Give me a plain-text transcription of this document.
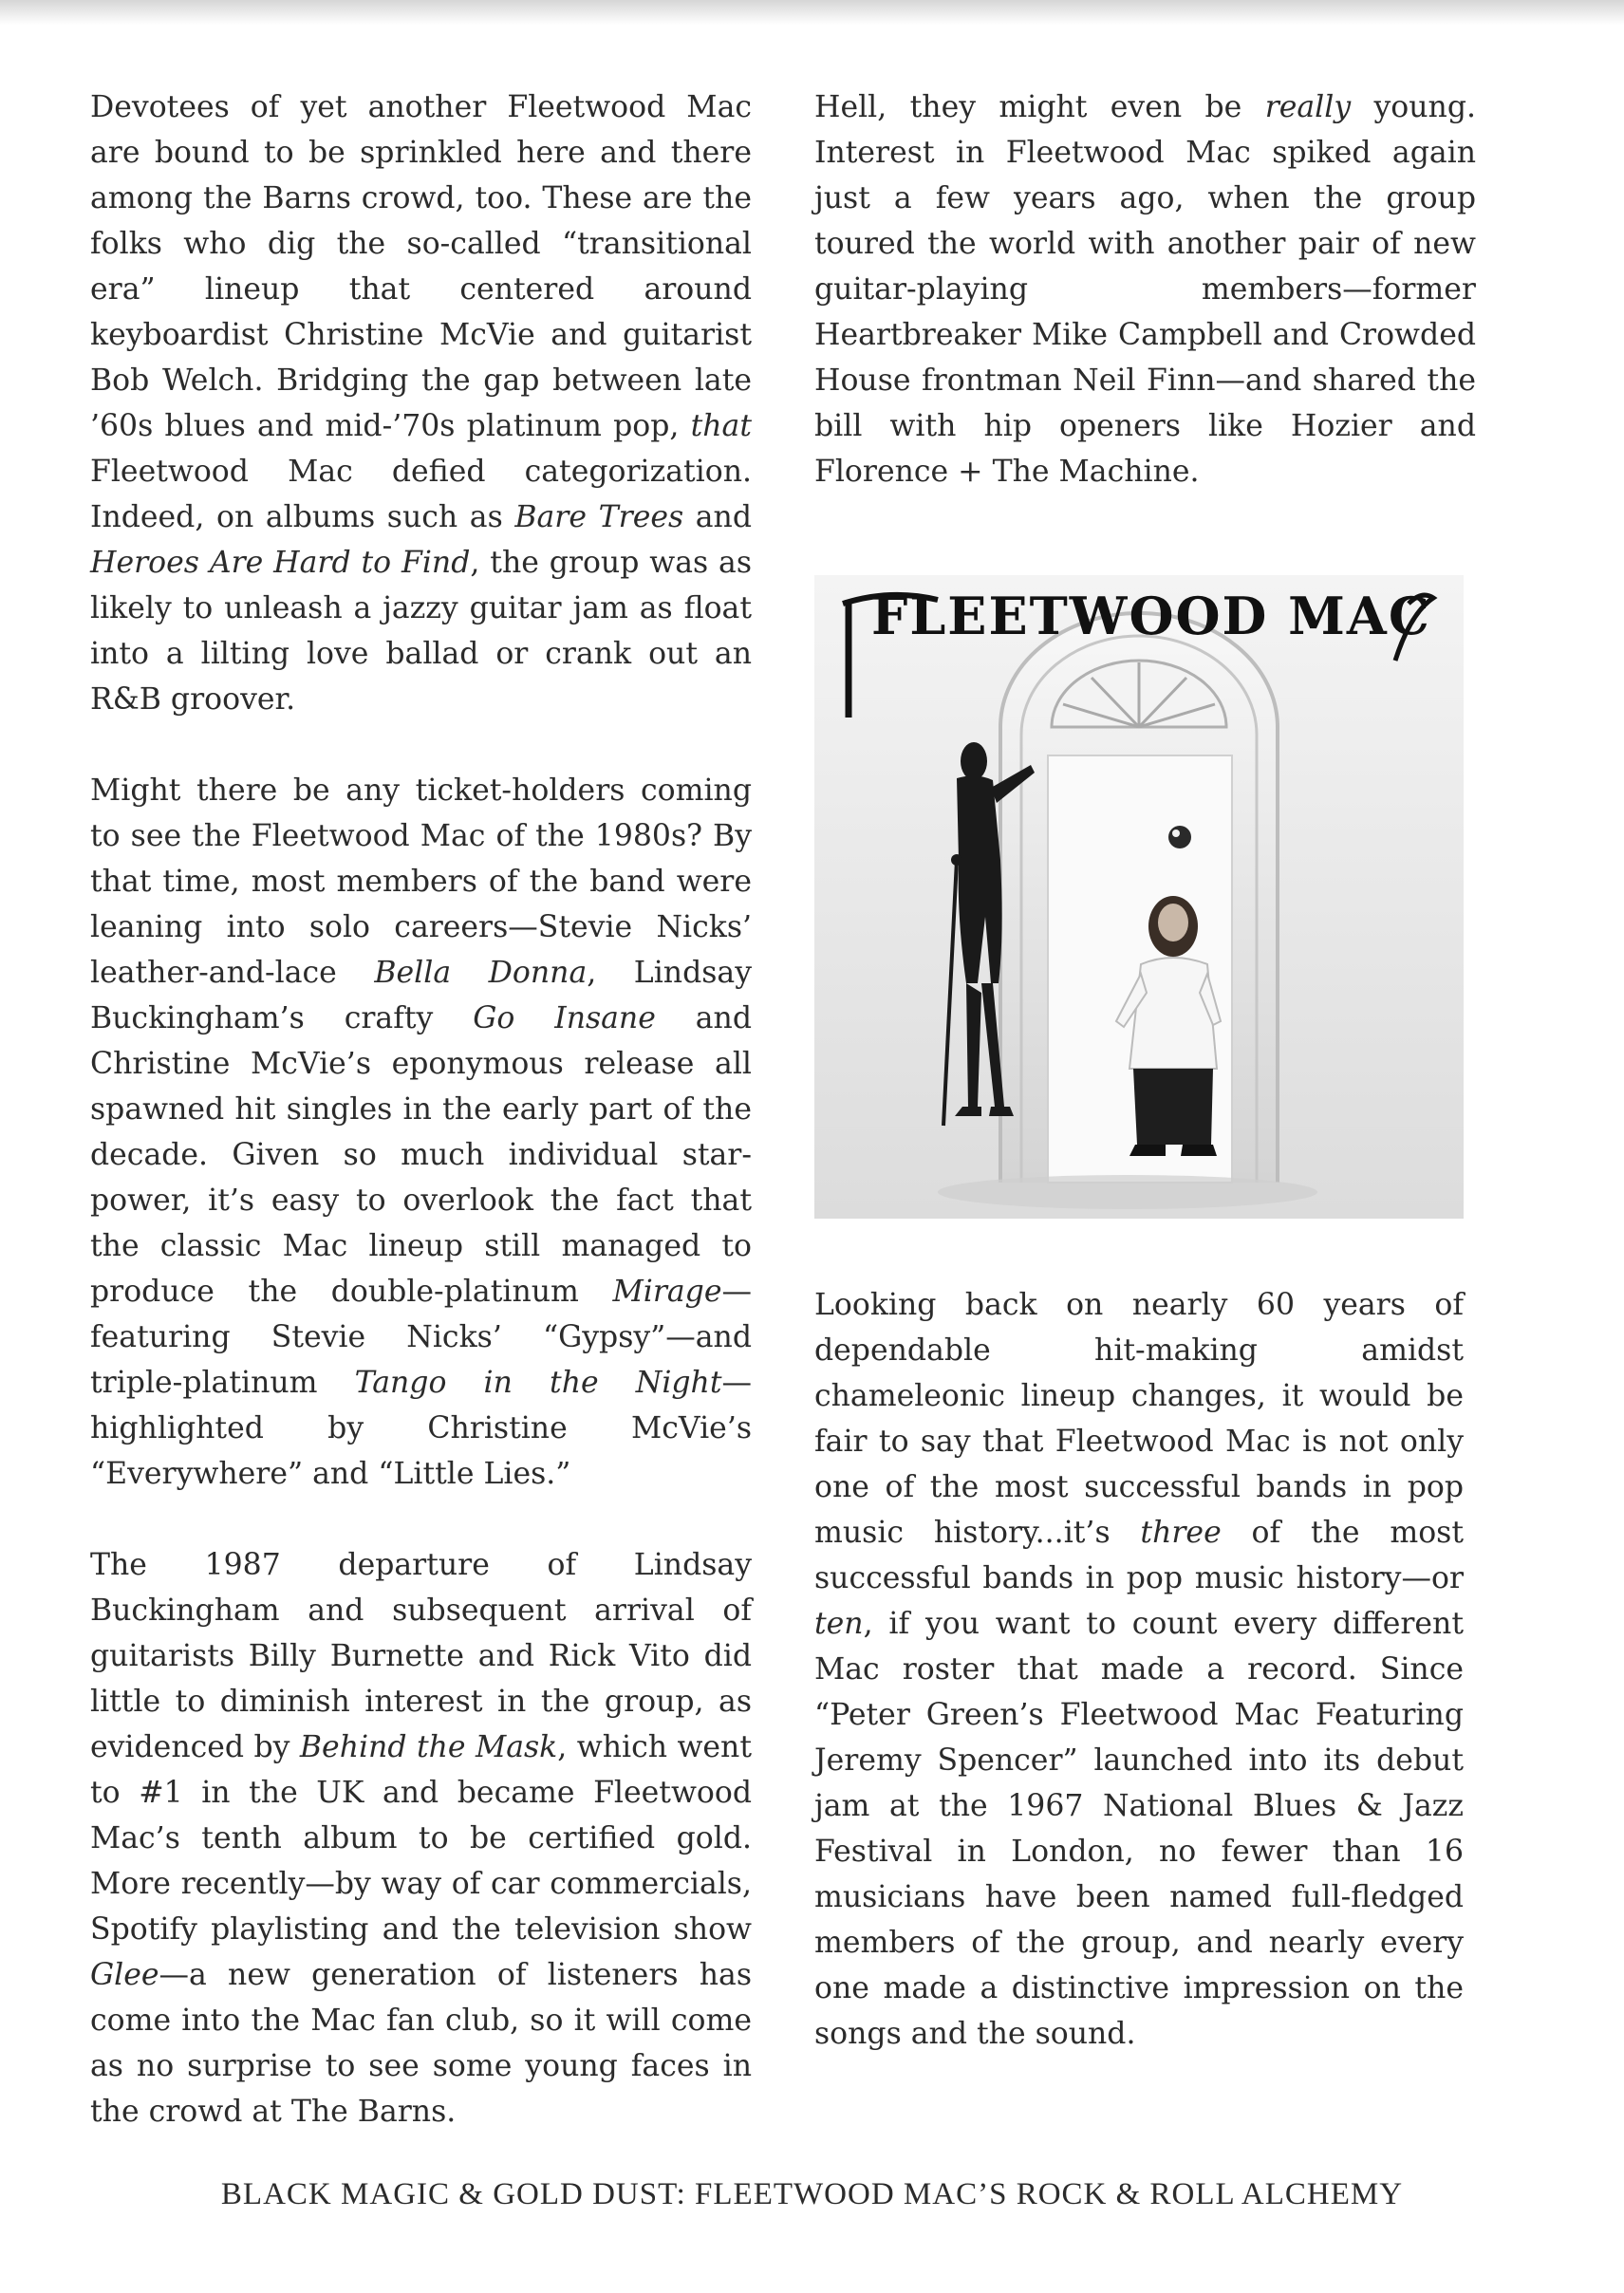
Devotees of yet another Fleetwood Mac are bound to be sprinkled here and there among the Barns crowd, too. These are the folks who dig the so-called “transitional era” lineup that centered around keyboardist Christine McVie and guitarist Bob Welch. Bridging the gap between late ’60s blues and mid-’70s platinum pop, that Fleetwood Mac defied categorization. Indeed, on albums such as Bare Trees and Heroes Are Hard to Find, the group was as likely to unleash a jazzy guitar jam as float into a lilting love ballad or crank out an R&B groover.

Might there be any ticket-holders coming to see the Fleetwood Mac of the 1980s? By that time, most members of the band were leaning into solo careers—Stevie Nicks’ leather-and-lace Bella Donna, Lindsay Buckingham’s crafty Go Insane and Christine McVie’s eponymous release all spawned hit singles in the early part of the decade. Given so much individual star-power, it’s easy to overlook the fact that the classic Mac lineup still managed to produce the double-platinum Mirage—featuring Stevie Nicks’ “Gypsy”—and triple-platinum Tango in the Night—highlighted by Christine McVie’s “Everywhere” and “Little Lies.”

The 1987 departure of Lindsay Buckingham and subsequent arrival of guitarists Billy Burnette and Rick Vito did little to diminish interest in the group, as evidenced by Behind the Mask, which went to #1 in the UK and became Fleetwood Mac’s tenth album to be certified gold. More recently—by way of car commercials, Spotify playlisting and the television show Glee—a new generation of listeners has come into the Mac fan club, so it will come as no surprise to see some young faces in the crowd at The Barns.

Hell, they might even be really young. Interest in Fleetwood Mac spiked again just a few years ago, when the group toured the world with another pair of new guitar-playing members—former Heartbreaker Mike Campbell and Crowded House frontman Neil Finn—and shared the bill with hip openers like Hozier and Florence + The Machine.

FLEETWOOD MAC

Looking back on nearly 60 years of dependable hit-making amidst chameleonic lineup changes, it would be fair to say that Fleetwood Mac is not only one of the most successful bands in pop music history...it’s three of the most successful bands in pop music history—or ten, if you want to count every different Mac roster that made a record. Since “Peter Green’s Fleetwood Mac Featuring Jeremy Spencer” launched into its debut jam at the 1967 National Blues & Jazz Festival in London, no fewer than 16 musicians have been named full-fledged members of the group, and nearly every one made a distinctive impression on the songs and the sound.

BLACK MAGIC & GOLD DUST: FLEETWOOD MAC’S ROCK & ROLL ALCHEMY
